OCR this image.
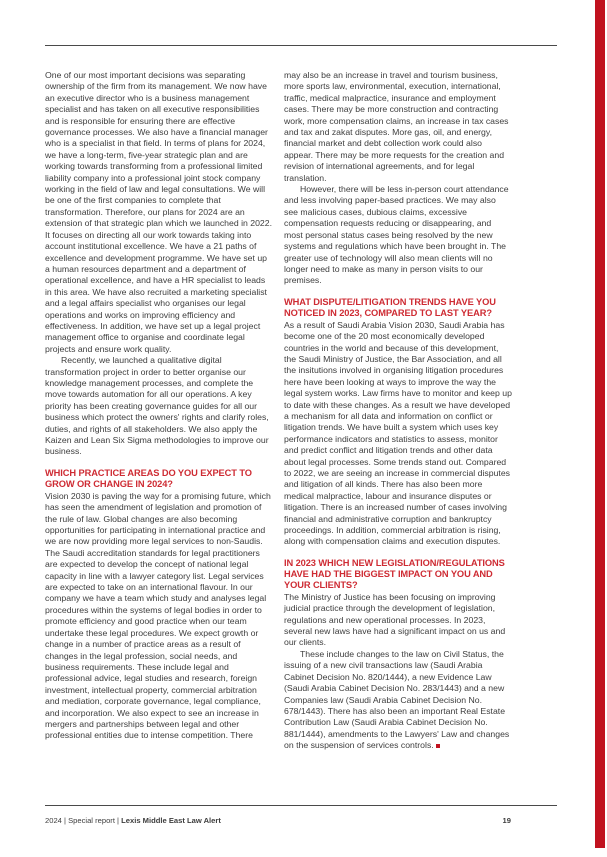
One of our most important decisions was separating ownership of the firm from its management. We now have an executive director who is a business management specialist and has taken on all executive responsibilities and is responsible for ensuring there are effective governance processes. We also have a financial manager who is a specialist in that field. In terms of plans for 2024, we have a long-term, five-year strategic plan and are working towards transforming from a professional limited liability company into a professional joint stock company working in the field of law and legal consultations. We will be one of the first companies to complete that transformation. Therefore, our plans for 2024 are an extension of that strategic plan which we launched in 2022. It focuses on directing all our work towards taking into account institutional excellence. We have a 21 paths of excellence and development programme. We have set up a human resources department and a department of operational excellence, and have a HR specialist to leads in this area. We have also recruited a marketing specialist and a legal affairs specialist who organises our legal operations and works on improving efficiency and effectiveness. In addition, we have set up a legal project management office to organise and coordinate legal projects and ensure work quality.

Recently, we launched a qualitative digital transformation project in order to better organise our knowledge management processes, and complete the move towards automation for all our operations. A key priority has been creating governance guides for all our business which protect the owners' rights and clarify roles, duties, and rights of all stakeholders. We also apply the Kaizen and Lean Six Sigma methodologies to improve our business.

WHICH PRACTICE AREAS DO YOU EXPECT TO GROW OR CHANGE IN 2024?

Vision 2030 is paving the way for a promising future, which has seen the amendment of legislation and promotion of the rule of law. Global changes are also becoming opportunities for participating in international practice and we are now providing more legal services to non-Saudis. The Saudi accreditation standards for legal practitioners are expected to develop the concept of national legal capacity in line with a lawyer category list. Legal services are expected to take on an international flavour. In our company we have a team which study and analyses legal procedures within the systems of legal bodies in order to promote efficiency and good practice when our team undertake these legal procedures. We expect growth or change in a number of practice areas as a result of changes in the legal profession, social needs, and business requirements. These include legal and professional advice, legal studies and research, foreign investment, intellectual property, commercial arbitration and mediation, corporate governance, legal compliance, and incorporation. We also expect to see an increase in mergers and partnerships between legal and other professional entities due to intense competition. There

may also be an increase in travel and tourism business, more sports law, environmental, execution, international, traffic, medical malpractice, insurance and employment cases. There may be more construction and contracting work, more compensation claims, an increase in tax cases and tax and zakat disputes. More gas, oil, and energy, financial market and debt collection work could also appear. There may be more requests for the creation and revision of international agreements, and for legal translation.

However, there will be less in-person court attendance and less involving paper-based practices. We may also see malicious cases, dubious claims, excessive compensation requests reducing or disappearing, and most personal status cases being resolved by the new systems and regulations which have been brought in. The greater use of technology will also mean clients will no longer need to make as many in person visits to our premises.

WHAT DISPUTE/LITIGATION TRENDS HAVE YOU NOTICED IN 2023, COMPARED TO LAST YEAR?

As a result of Saudi Arabia Vision 2030, Saudi Arabia has become one of the 20 most economically developed countries in the world and because of this development, the Saudi Ministry of Justice, the Bar Association, and all the insitutions involved in organising litigation procedures here have been looking at ways to improve the way the legal system works. Law firms have to monitor and keep up to date with these changes. As a result we have developed a mechanism for all data and information on conflict or litigation trends. We have built a system which uses key performance indicators and statistics to assess, monitor and predict conflict and litigation trends and other data about legal processes. Some trends stand out. Compared to 2022, we are seeing an increase in commercial disputes and litigation of all kinds. There has also been more medical malpractice, labour and insurance disputes or litigation. There is an increased number of cases involving financial and administrative corruption and bankruptcy proceedings. In addition, commercial arbitration is rising, along with compensation claims and execution disputes.

IN 2023 WHICH NEW LEGISLATION/REGULATIONS HAVE HAD THE BIGGEST IMPACT ON YOU AND YOUR CLIENTS?

The Ministry of Justice has been focusing on improving judicial practice through the development of legislation, regulations and new operational processes. In 2023, several new laws have had a significant impact on us and our clients.

These include changes to the law on Civil Status, the issuing of a new civil transactions law (Saudi Arabia Cabinet Decision No. 820/1444), a new Evidence Law (Saudi Arabia Cabinet Decision No. 283/1443) and a new Companies law (Saudi Arabia Cabinet Decision No. 678/1443). There has also been an important Real Estate Contribution Law (Saudi Arabia Cabinet Decision No. 881/1444), amendments to the Lawyers' Law and changes on the suspension of services controls.

2024 | Special report | Lexis Middle East Law Alert	19
